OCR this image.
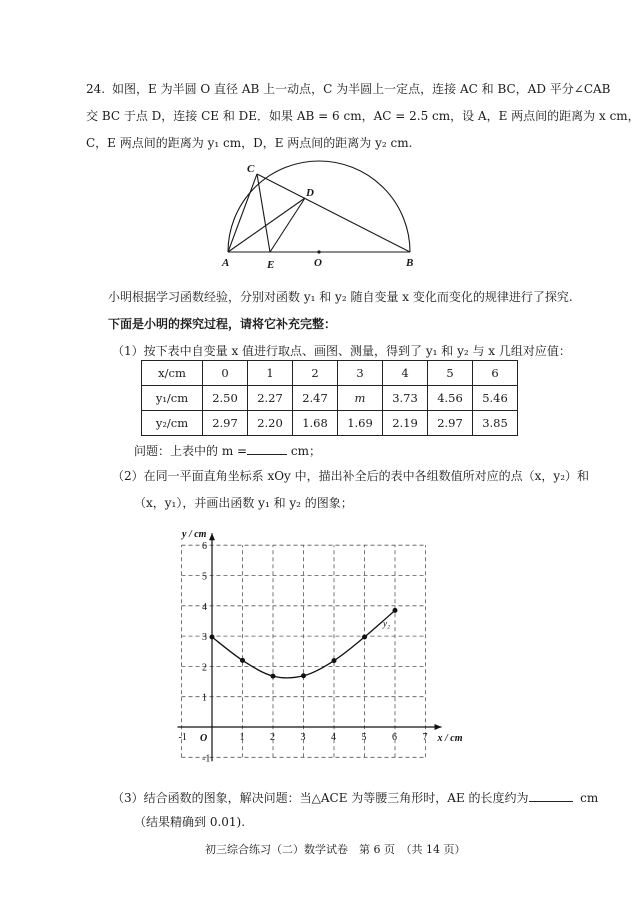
24. 如图，E 为半圆 O 直径 AB 上一动点，C 为半圆上一定点，连接 AC 和 BC，AD 平分∠CAB
交 BC 于点 D，连接 CE 和 DE．如果 AB = 6 cm，AC = 2.5 cm，设 A，E 两点间的距离为 x cm，
C，E 两点间的距离为 y₁ cm，D，E 两点间的距离为 y₂ cm.
C
D
A	E	O	B
小明根据学习函数经验，分别对函数 y₁ 和 y₂ 随自变量 x 变化而变化的规律进行了探究.
下面是小明的探究过程，请将它补充完整：
（1）按下表中自变量 x 值进行取点、画图、测量，得到了 y₁ 和 y₂ 与 x 几组对应值：
x/cm	0	1	2	3	4	5	6
y₁/cm	2.50	2.27	2.47	m	3.73	4.56	5.46
y₂/cm	2.97	2.20	1.68	1.69	2.19	2.97	3.85
问题：上表中的 m =	cm；
（2）在同一平面直角坐标系 xOy 中，描出补全后的表中各组数值所对应的点（x，y₂）和
（x，y₁），并画出函数 y₁ 和 y₂ 的图象；
-1	1	2	3	4	5	6	7
-1
1
2
3
4
5
6
O	x / cm
y / cm
y₂
（3）结合函数的图象，解决问题：当△ACE 为等腰三角形时，AE 的长度约为	cm
（结果精确到 0.01).
初三综合练习（二）数学试卷　第 6 页　（共 14 页）
